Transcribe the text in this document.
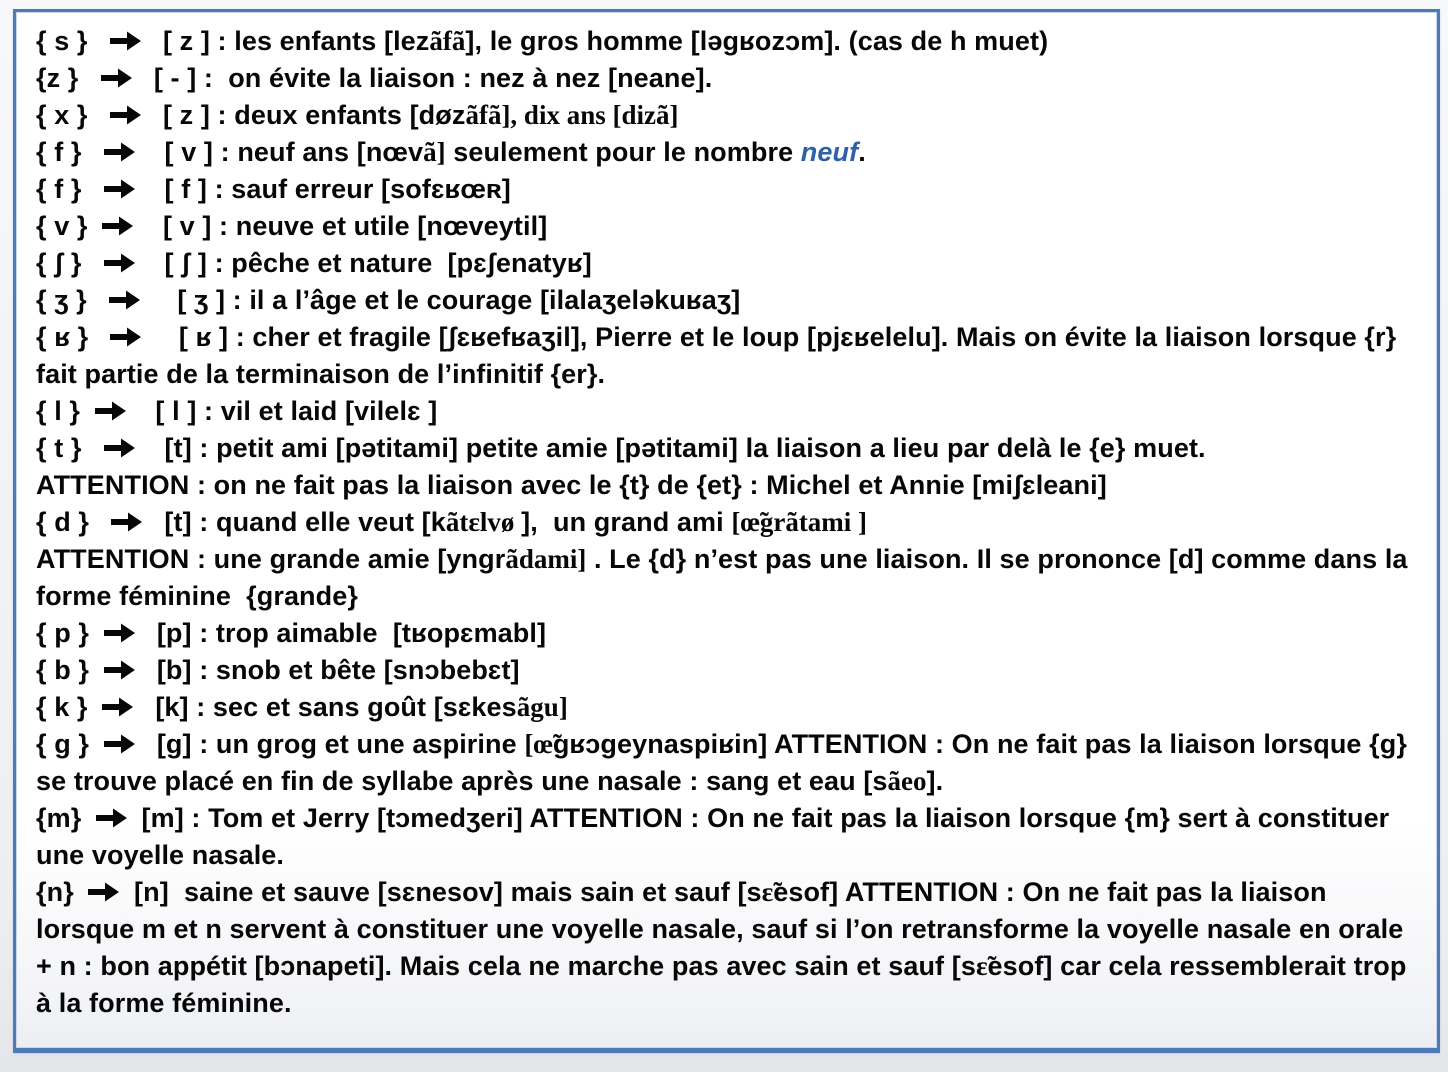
{ s }
[ z ] : les enfants [lezãfã], le gros homme [ləgʁozɔm]. (cas de h muet)
{z }
[ - ] :  on évite la liaison : nez à nez [neane].
{ x }
[ z ] : deux enfants [døzãfã], dix ans [dizã]
{ f }
[ v ] : neuf ans [nœvã] seulement pour le nombre neuf.
{ f }
[ f ] : sauf erreur [sofɛʁœʀ]
{ v }
[ v ] : neuve et utile [nœveytil]
{ ʃ }
[ ʃ ] : pêche et nature  [pɛʃenatyʁ]
{ ʒ }
[ ʒ ] : il a l’âge et le courage [ilalaʒeləkuʁaʒ]
{ ʁ }
[ ʁ ] : cher et fragile [ʃɛʁefʁaʒil], Pierre et le loup [pjɛʁelelu]. Mais on évite la liaison lorsque {r} fait partie de la terminaison de l’infinitif {er}.
{ l }
[ l ] : vil et laid [vilelɛ ]
{ t }
[t] : petit ami [pətitami] petite amie [pətitami] la liaison a lieu par delà le {e} muet.
ATTENTION : on ne fait pas la liaison avec le {t} de {et} : Michel et Annie [miʃɛleani]
{ d }
[t] : quand elle veut [kãtɛlvø ],  un grand ami [œ̃grãtami ]
ATTENTION : une grande amie [yngrãdami] . Le {d} n’est pas une liaison. Il se prononce [d] comme dans la forme féminine  {grande}
{ p }
[p] : trop aimable  [tʁopɛmabl]
{ b }
[b] : snob et bête [snɔbebɛt]
{ k }
[k] : sec et sans goût [sɛkesãgu]
{ g }
[g] : un grog et une aspirine [œ̃gʁɔgeynaspiʁin] ATTENTION : On ne fait pas la liaison lorsque {g} se trouve placé en fin de syllabe après une nasale : sang et eau [sãeo].
{m}
[m] : Tom et Jerry [tɔmedʒeri] ATTENTION : On ne fait pas la liaison lorsque {m} sert à constituer une voyelle nasale.
{n}
[n]  saine et sauve [sɛnesov] mais sain et sauf [sɛ̃esof] ATTENTION : On ne fait pas la liaison lorsque m et n servent à constituer une voyelle nasale, sauf si l’on retransforme la voyelle nasale en orale  + n : bon appétit [bɔnapeti]. Mais cela ne marche pas avec sain et sauf [sɛ̃esof] car cela ressemblerait trop à la forme féminine.
